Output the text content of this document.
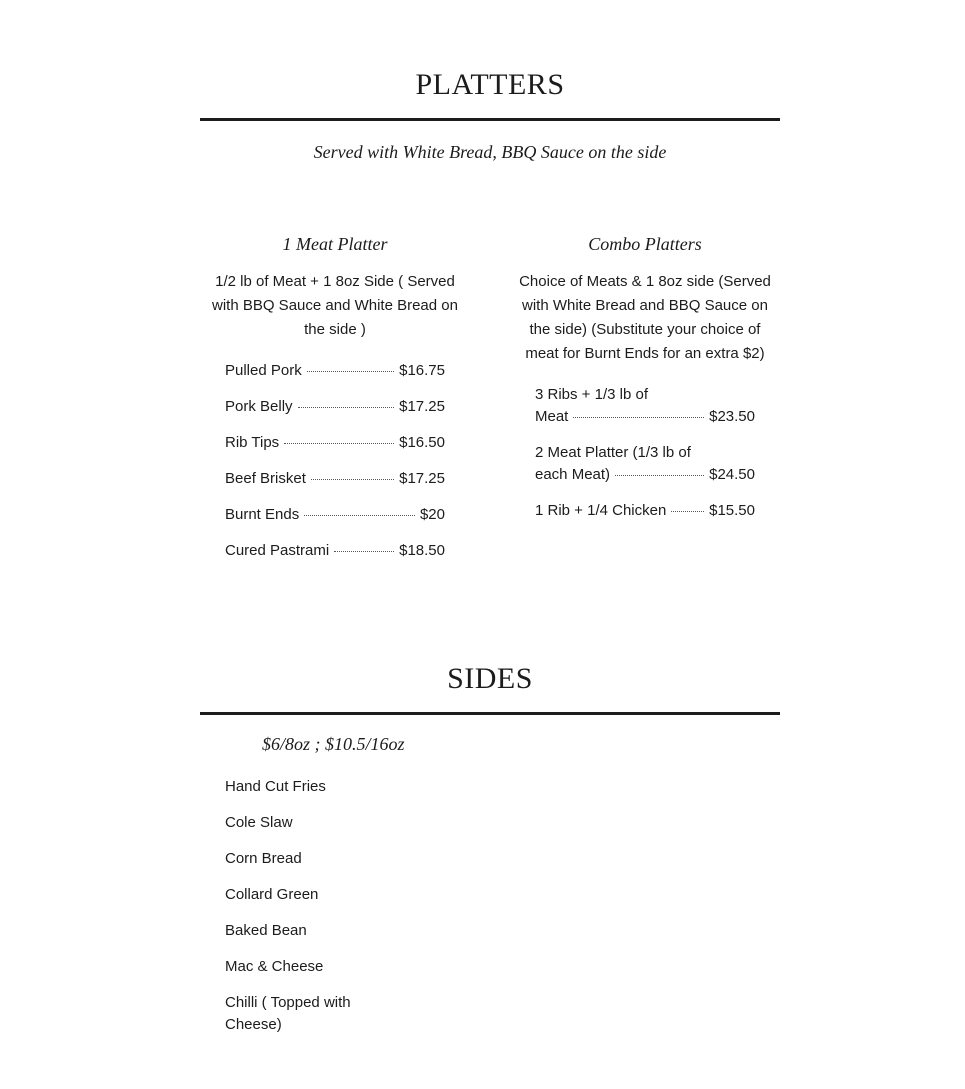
PLATTERS
Served with White Bread, BBQ Sauce on the side
1 Meat Platter
1/2 lb of Meat + 1 8oz Side ( Served
with BBQ Sauce and White Bread on
the side )
Pulled Pork	$16.75
Pork Belly	$17.25
Rib Tips	$16.50
Beef Brisket	$17.25
Burnt Ends	$20
Cured Pastrami	$18.50
Combo Platters
Choice of Meats & 1 8oz side (Served
with White Bread and BBQ Sauce on
the side) (Substitute your choice of
meat for Burnt Ends for an extra $2)
3 Ribs + 1/3 lb of
Meat	$23.50
2 Meat Platter (1/3 lb of
each Meat)	$24.50
1 Rib + 1/4 Chicken	$15.50
SIDES
$6/8oz ; $10.5/16oz
Hand Cut Fries
Cole Slaw
Corn Bread
Collard Green
Baked Bean
Mac & Cheese
Chilli ( Topped with
Cheese)
